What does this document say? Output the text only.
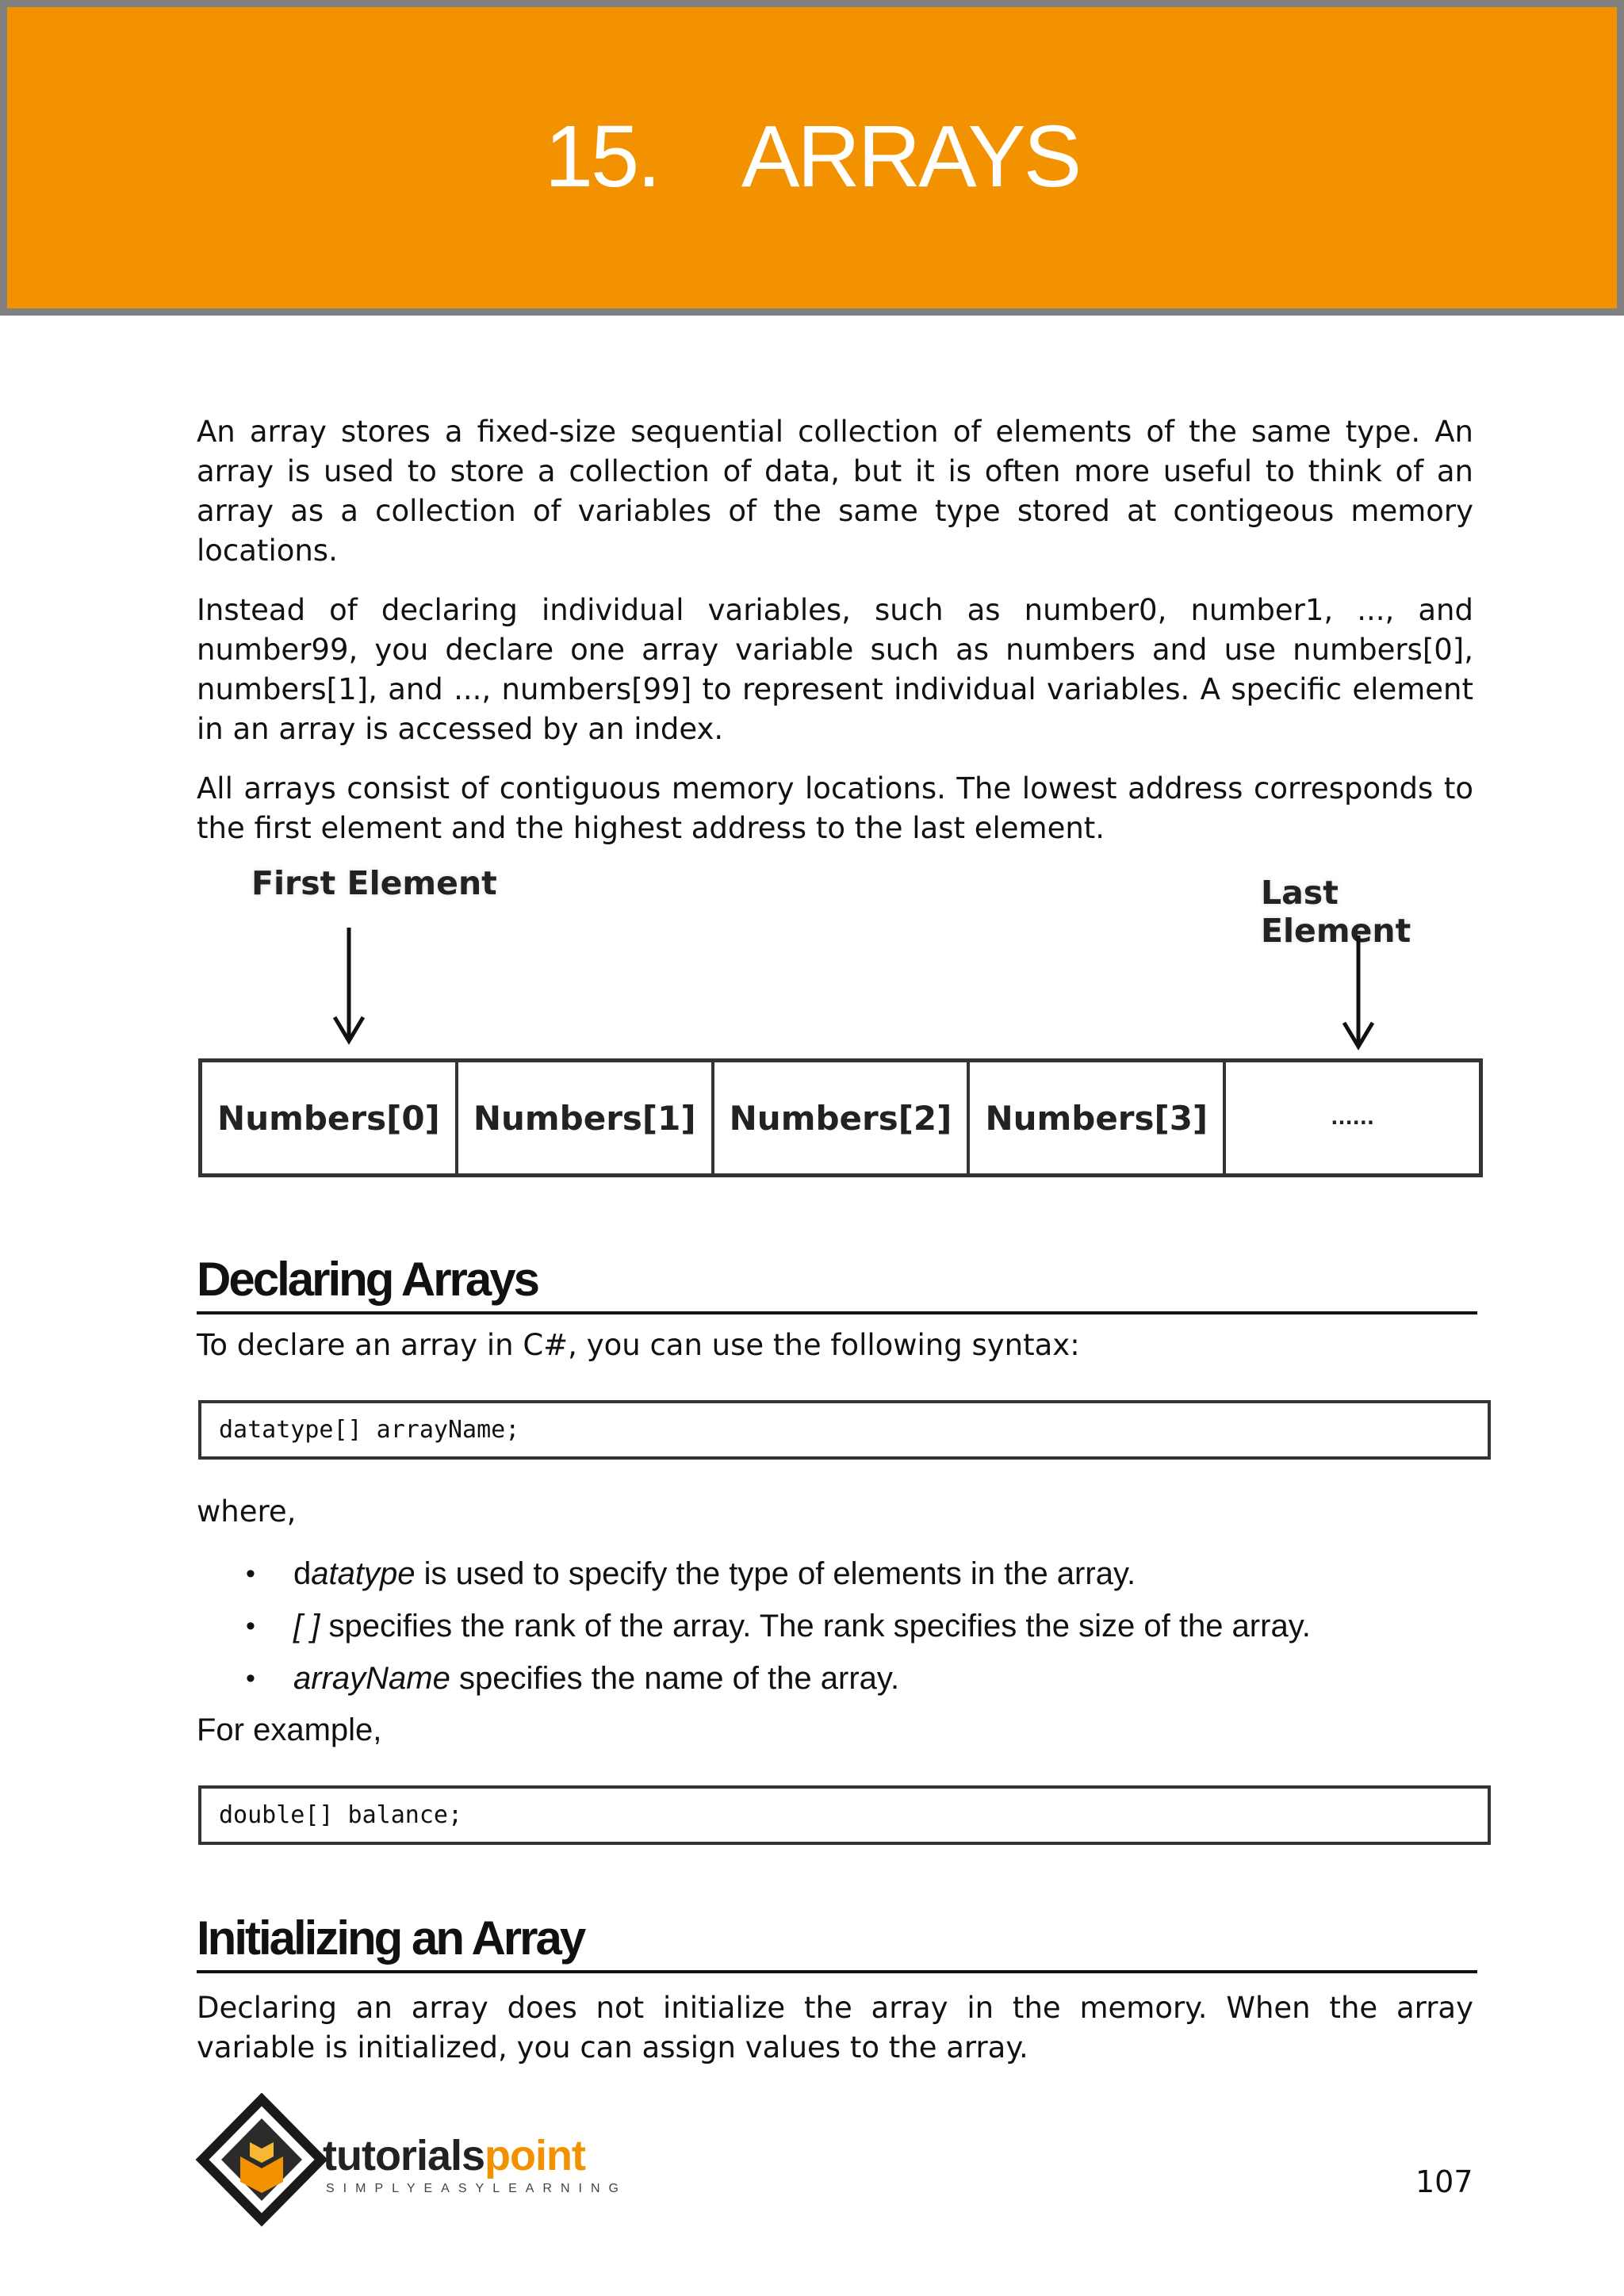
15.    ARRAYS

An array stores a fixed-size sequential collection of elements of the same type. An array is used to store a collection of data, but it is often more useful to think of an array as a collection of variables of the same type stored at contigeous memory locations.

Instead of declaring individual variables, such as number0, number1, ..., and number99, you declare one array variable such as numbers and use numbers[0], numbers[1], and ..., numbers[99] to represent individual variables. A specific element in an array is accessed by an index.

All arrays consist of contiguous memory locations. The lowest address corresponds to the first element and the highest address to the last element.

First Element	Last Element
Numbers[0]	Numbers[1]	Numbers[2]	Numbers[3]	......
Declaring Arrays

To declare an array in C#, you can use the following syntax:

datatype[] arrayName;

where,

• datatype is used to specify the type of elements in the array.
• [ ] specifies the rank of the array. The rank specifies the size of the array.
• arrayName specifies the name of the array.

For example,

double[] balance;
Initializing an Array

Declaring an array does not initialize the array in the memory. When the array variable is initialized, you can assign values to the array.

tutorialspoint
SIMPLYEASYLEARNING	107
